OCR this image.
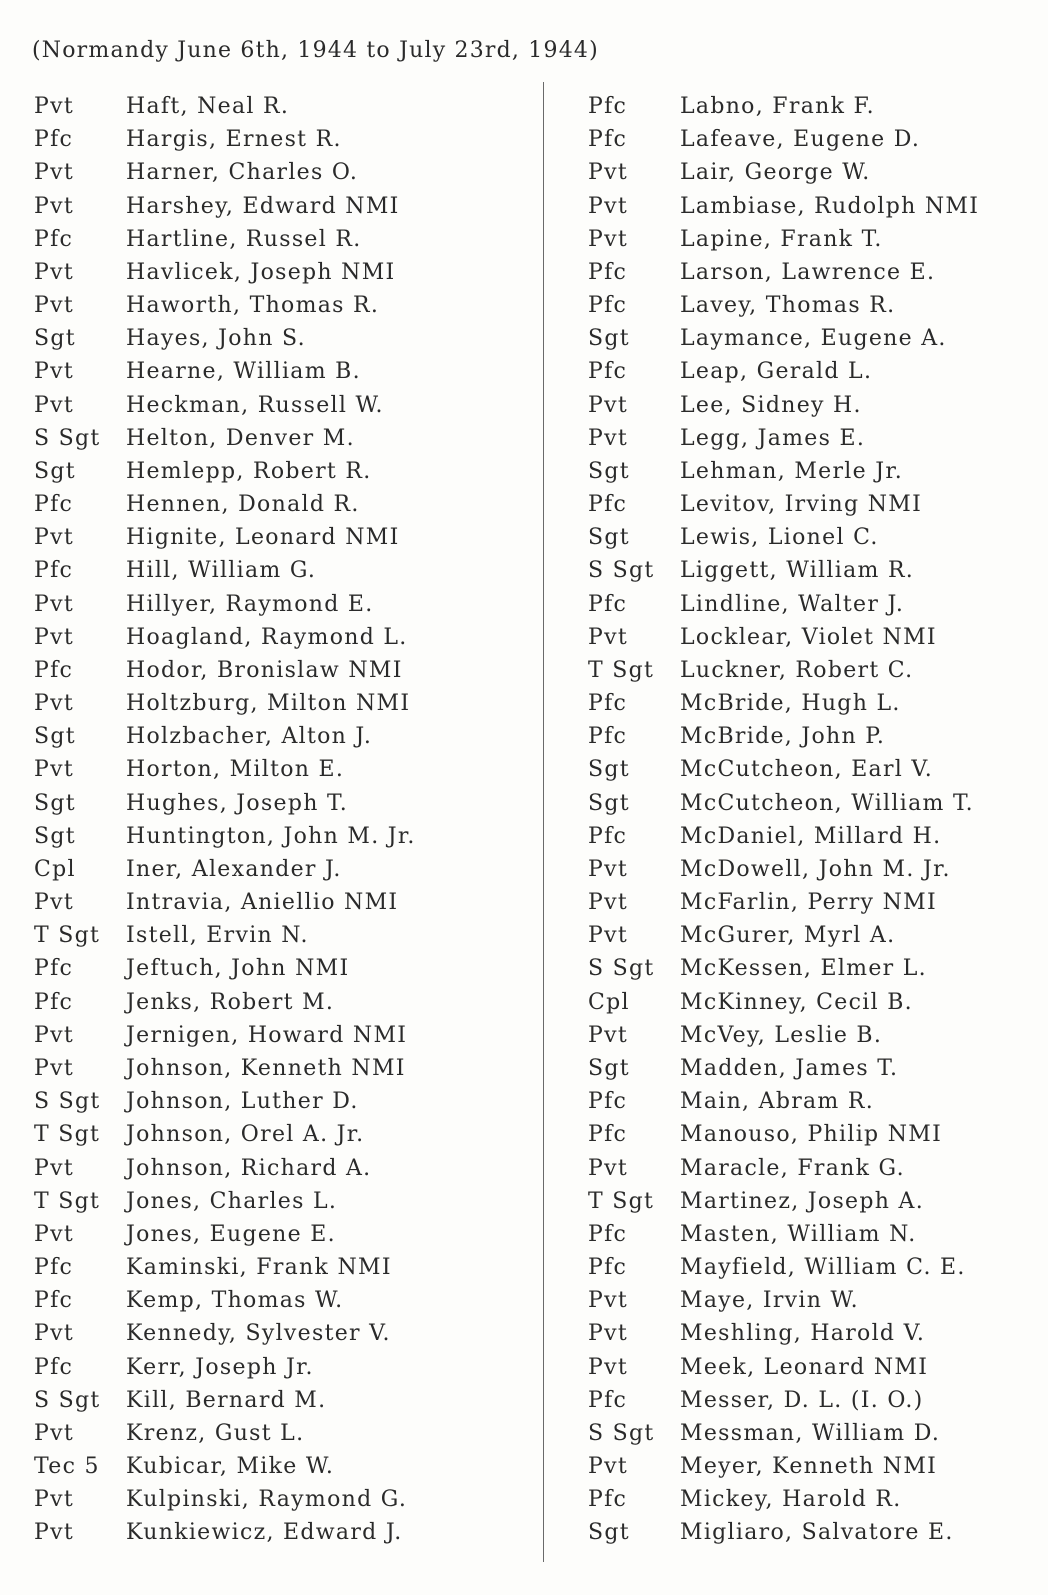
(Normandy June 6th, 1944 to July 23rd, 1944)
Pvt Haft, Neal R.
Pfc Hargis, Ernest R.
Pvt Harner, Charles O.
Pvt Harshey, Edward NMI
Pfc Hartline, Russel R.
Pvt Havlicek, Joseph NMI
Pvt Haworth, Thomas R.
Sgt Hayes, John S.
Pvt Hearne, William B.
Pvt Heckman, Russell W.
S Sgt Helton, Denver M.
Sgt Hemlepp, Robert R.
Pfc Hennen, Donald R.
Pvt Hignite, Leonard NMI
Pfc Hill, William G.
Pvt Hillyer, Raymond E.
Pvt Hoagland, Raymond L.
Pfc Hodor, Bronislaw NMI
Pvt Holtzburg, Milton NMI
Sgt Holzbacher, Alton J.
Pvt Horton, Milton E.
Sgt Hughes, Joseph T.
Sgt Huntington, John M. Jr.
Cpl Iner, Alexander J.
Pvt Intravia, Aniellio NMI
T Sgt Istell, Ervin N.
Pfc Jeftuch, John NMI
Pfc Jenks, Robert M.
Pvt Jernigen, Howard NMI
Pvt Johnson, Kenneth NMI
S Sgt Johnson, Luther D.
T Sgt Johnson, Orel A. Jr.
Pvt Johnson, Richard A.
T Sgt Jones, Charles L.
Pvt Jones, Eugene E.
Pfc Kaminski, Frank NMI
Pfc Kemp, Thomas W.
Pvt Kennedy, Sylvester V.
Pfc Kerr, Joseph Jr.
S Sgt Kill, Bernard M.
Pvt Krenz, Gust L.
Tec 5 Kubicar, Mike W.
Pvt Kulpinski, Raymond G.
Pvt Kunkiewicz, Edward J.
Pfc Labno, Frank F.
Pfc Lafeave, Eugene D.
Pvt Lair, George W.
Pvt Lambiase, Rudolph NMI
Pvt Lapine, Frank T.
Pfc Larson, Lawrence E.
Pfc Lavey, Thomas R.
Sgt Laymance, Eugene A.
Pfc Leap, Gerald L.
Pvt Lee, Sidney H.
Pvt Legg, James E.
Sgt Lehman, Merle Jr.
Pfc Levitov, Irving NMI
Sgt Lewis, Lionel C.
S Sgt Liggett, William R.
Pfc Lindline, Walter J.
Pvt Locklear, Violet NMI
T Sgt Luckner, Robert C.
Pfc McBride, Hugh L.
Pfc McBride, John P.
Sgt McCutcheon, Earl V.
Sgt McCutcheon, William T.
Pfc McDaniel, Millard H.
Pvt McDowell, John M. Jr.
Pvt McFarlin, Perry NMI
Pvt McGurer, Myrl A.
S Sgt McKessen, Elmer L.
Cpl McKinney, Cecil B.
Pvt McVey, Leslie B.
Sgt Madden, James T.
Pfc Main, Abram R.
Pfc Manouso, Philip NMI
Pvt Maracle, Frank G.
T Sgt Martinez, Joseph A.
Pfc Masten, William N.
Pfc Mayfield, William C. E.
Pvt Maye, Irvin W.
Pvt Meshling, Harold V.
Pvt Meek, Leonard NMI
Pfc Messer, D. L. (I. O.)
S Sgt Messman, William D.
Pvt Meyer, Kenneth NMI
Pfc Mickey, Harold R.
Sgt Migliaro, Salvatore E.
